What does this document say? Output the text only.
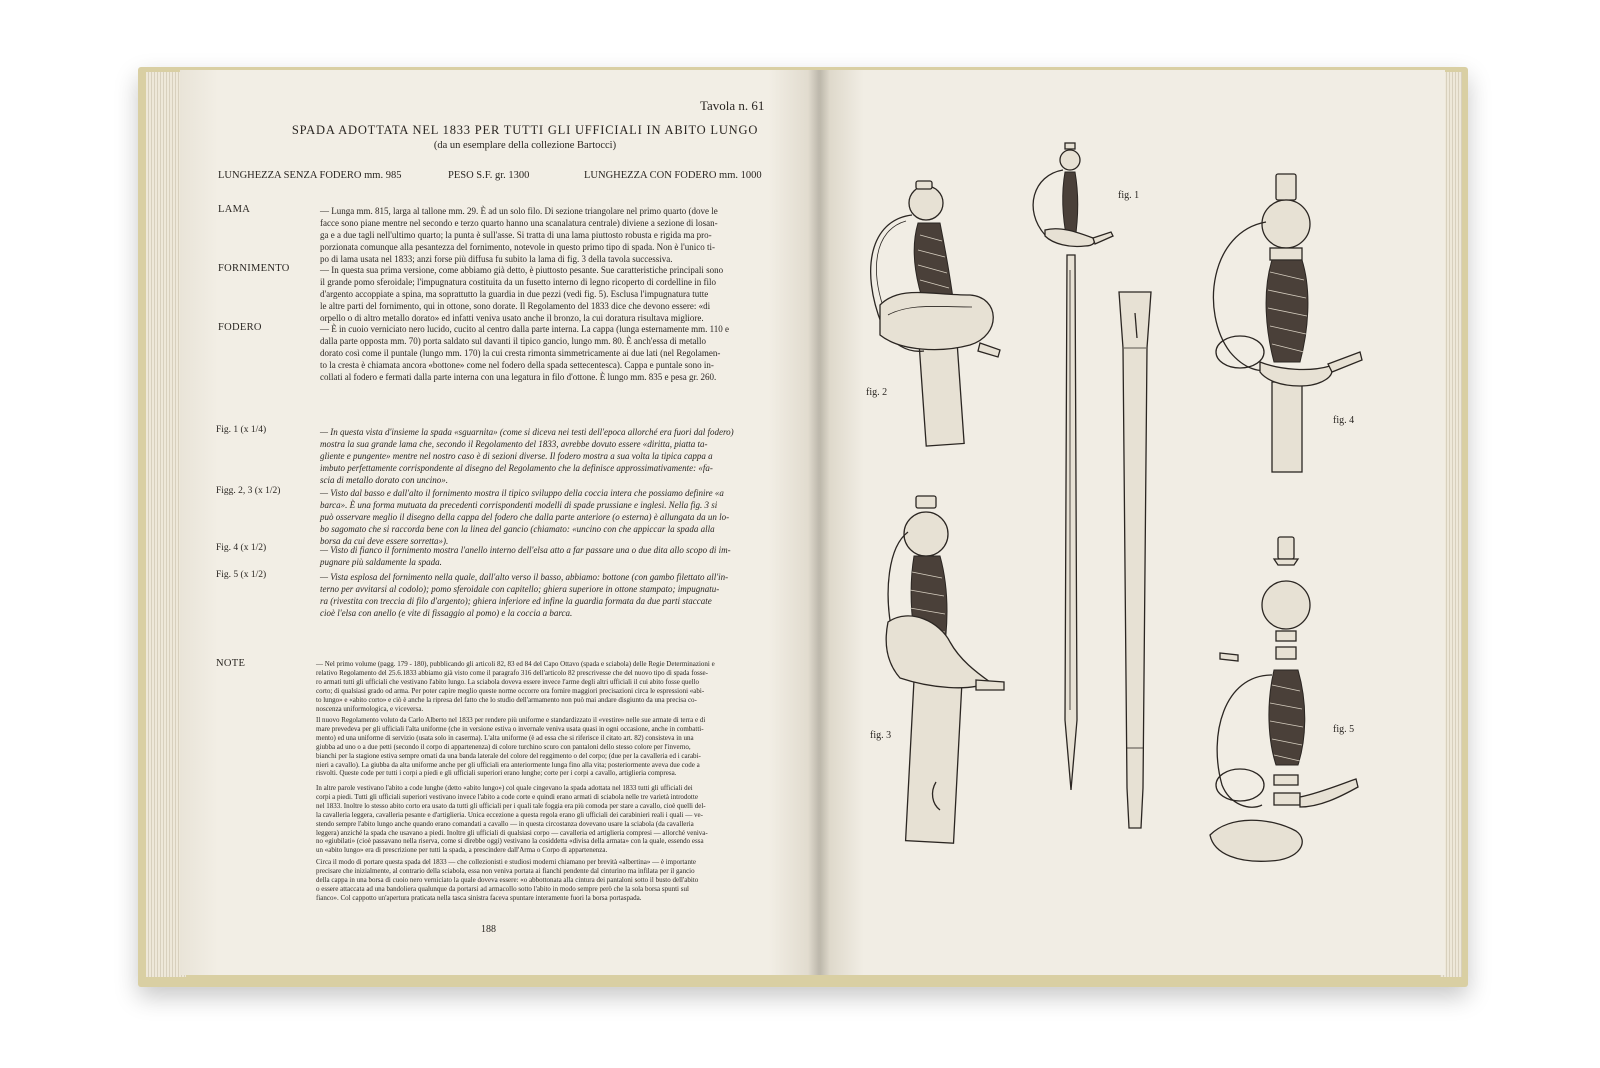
Tavola n. 61
SPADA ADOTTATA NEL 1833 PER TUTTI GLI UFFICIALI IN ABITO LUNGO
(da un esemplare della collezione Bartocci)
LUNGHEZZA SENZA FODERO mm. 985	PESO S.F. gr. 1300	LUNGHEZZA CON FODERO mm. 1000
LAMA	— Lunga mm. 815, larga al tallone mm. 29. È ad un solo filo. Di sezione triangolare nel primo quarto (dove le
facce sono piane mentre nel secondo e terzo quarto hanno una scanalatura centrale) diviene a sezione di losan-
ga e a due tagli nell'ultimo quarto; la punta è sull'asse. Si tratta di una lama piuttosto robusta e rigida ma pro-
porzionata comunque alla pesantezza del fornimento, notevole in questo primo tipo di spada. Non è l'unico ti-
po di lama usata nel 1833; anzi forse più diffusa fu subito la lama di fig. 3 della tavola successiva.
FORNIMENTO	— In questa sua prima versione, come abbiamo già detto, è piuttosto pesante. Sue caratteristiche principali sono
il grande pomo sferoidale; l'impugnatura costituita da un fusetto interno di legno ricoperto di cordelline in filo
d'argento accoppiate a spina, ma soprattutto la guardia in due pezzi (vedi fig. 5). Esclusa l'impugnatura tutte
le altre parti del fornimento, qui in ottone, sono dorate. Il Regolamento del 1833 dice che devono essere: «di
orpello o di altro metallo dorato» ed infatti veniva usato anche il bronzo, la cui doratura risultava migliore.
FODERO	— È in cuoio verniciato nero lucido, cucito al centro dalla parte interna. La cappa (lunga esternamente mm. 110 e
dalla parte opposta mm. 70) porta saldato sul davanti il tipico gancio, lungo mm. 80. È anch'essa di metallo
dorato così come il puntale (lungo mm. 170) la cui cresta rimonta simmetricamente ai due lati (nel Regolamen-
to la cresta è chiamata ancora «bottone» come nel fodero della spada settecentesca). Cappa e puntale sono in-
collati al fodero e fermati dalla parte interna con una legatura in filo d'ottone. È lungo mm. 835 e pesa gr. 260.
Fig. 1 (x 1/4)	— In questa vista d'insieme la spada «sguarnita» (come si diceva nei testi dell'epoca allorché era fuori dal fodero)
mostra la sua grande lama che, secondo il Regolamento del 1833, avrebbe dovuto essere «diritta, piatta ta-
gliente e pungente» mentre nel nostro caso è di sezioni diverse. Il fodero mostra a sua volta la tipica cappa a
imbuto perfettamente corrispondente al disegno del Regolamento che la definisce approssimativamente: «fa-
scia di metallo dorato con uncino».
Figg. 2, 3 (x 1/2)	— Visto dal basso e dall'alto il fornimento mostra il tipico sviluppo della coccia intera che possiamo definire «a
barca». È una forma mutuata da precedenti corrispondenti modelli di spade prussiane e inglesi. Nella fig. 3 si
può osservare meglio il disegno della cappa del fodero che dalla parte anteriore (o esterna) è allungata da un lo-
bo sagomato che si raccorda bene con la linea del gancio (chiamato: «uncino con che appiccar la spada alla
borsa da cui deve essere sorretta»).
Fig. 4 (x 1/2)	— Visto di fianco il fornimento mostra l'anello interno dell'elsa atto a far passare una o due dita allo scopo di im-
pugnare più saldamente la spada.
Fig. 5 (x 1/2)	— Vista esplosa del fornimento nella quale, dall'alto verso il basso, abbiamo: bottone (con gambo filettato all'in-
terno per avvitarsi al codolo); pomo sferoidale con capitello; ghiera superiore in ottone stampato; impugnatu-
ra (rivestita con treccia di filo d'argento); ghiera inferiore ed infine la guardia formata da due parti staccate
cioè l'elsa con anello (e vite di fissaggio al pomo) e la coccia a barca.
NOTE	— Nel primo volume (pagg. 179 - 180), pubblicando gli articoli 82, 83 ed 84 del Capo Ottavo (spada e sciabola) delle Regie Determinazioni e
relativo Regolamento del 25.6.1833 abbiamo già visto come il paragrafo 316 dell'articolo 82 prescrivesse che del nuovo tipo di spada fosse-
ro armati tutti gli ufficiali che vestivano l'abito lungo. La sciabola doveva essere invece l'arme degli altri ufficiali il cui abito fosse quello
corto; di qualsiasi grado od arma. Per poter capire meglio queste norme occorre ora fornire maggiori precisazioni circa le espressioni «abi-
to lungo» e «abito corto» e ciò è anche la ripresa del fatto che lo studio dell'armamento non può mai andare disgiunto da una precisa co-
noscenza uniformologica, e viceversa.
Il nuovo Regolamento voluto da Carlo Alberto nel 1833 per rendere più uniforme e standardizzato il «vestire» nelle sue armate di terra e di
mare prevedeva per gli ufficiali l'alta uniforme (che in versione estiva o invernale veniva usata quasi in ogni occasione, anche in combatti-
mento) ed una uniforme di servizio (usata solo in caserma). L'alta uniforme (è ad essa che si riferisce il citato art. 82) consisteva in una
giubba ad uno o a due petti (secondo il corpo di appartenenza) di colore turchino scuro con pantaloni dello stesso colore per l'inverno,
bianchi per la stagione estiva sempre ornati da una banda laterale del colore del reggimento o del corpo; (due per la cavalleria ed i carabi-
nieri a cavallo). La giubba da alta uniforme anche per gli ufficiali era anteriormente lunga fino alla vita; posteriormente aveva due code a
risvolti. Queste code per tutti i corpi a piedi e gli ufficiali superiori erano lunghe; corte per i corpi a cavallo, artiglieria compresa.
In altre parole vestivano l'abito a code lunghe (detto «abito lungo») col quale cingevano la spada adottata nel 1833 tutti gli ufficiali dei
corpi a piedi. Tutti gli ufficiali superiori vestivano invece l'abito a code corte e quindi erano armati di sciabola nelle tre varietà introdotte
nel 1833. Inoltre lo stesso abito corto era usato da tutti gli ufficiali per i quali tale foggia era più comoda per stare a cavallo, cioè quelli del-
la cavalleria leggera, cavalleria pesante e d'artiglieria. Unica eccezione a questa regola erano gli ufficiali dei carabinieri reali i quali — ve-
stendo sempre l'abito lungo anche quando erano comandati a cavallo — in questa circostanza dovevano usare la sciabola (da cavalleria
leggera) anziché la spada che usavano a piedi. Inoltre gli ufficiali di qualsiasi corpo — cavalleria ed artiglieria compresi — allorché veniva-
no «giubilati» (cioè passavano nella riserva, come si direbbe oggi) vestivano la cosiddetta «divisa della armata» con la quale, essendo essa
un «abito lungo» era di prescrizione per tutti la spada, a prescindere dall'Arma o Corpo di appartenenza.
Circa il modo di portare questa spada del 1833 — che collezionisti e studiosi moderni chiamano per brevità «albertina» — è importante
precisare che inizialmente, al contrario della sciabola, essa non veniva portata ai fianchi pendente dal cinturino ma infilata per il gancio
della cappa in una borsa di cuoio nero verniciato la quale doveva essere: «o abbottonata alla cintura dei pantaloni sotto il busto dell'abito
o essere attaccata ad una bandoliera qualunque da portarsi ad armacollo sotto l'abito in modo sempre però che la sola borsa spunti sul
fianco». Col cappotto un'apertura praticata nella tasca sinistra faceva spuntare interamente fuori la borsa portaspada.
188
fig. 2
fig. 1
fig. 4
fig. 3
fig. 5
